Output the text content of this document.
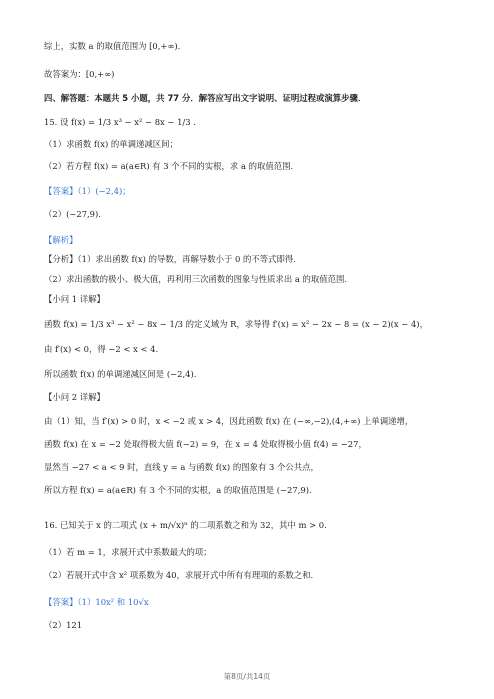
综上，实数 a 的取值范围为 [0,+∞).
故答案为：[0,+∞)
四、解答题：本题共 5 小题，共 77 分．解答应写出文字说明、证明过程或演算步骤．
15. 设 f(x) = 1/3 x³ − x² − 8x − 1/3 .
（1）求函数 f(x) 的单调递减区间；
（2）若方程 f(x) = a(a∈R) 有 3 个不同的实根，求 a 的取值范围.
【答案】（1）(−2,4)；
（2）(−27,9).
【解析】
【分析】（1）求出函数 f(x) 的导数，再解导数小于 0 的不等式即得.
（2）求出函数的极小、极大值，再利用三次函数的图象与性质求出 a 的取值范围.
【小问 1 详解】
函数 f(x) = 1/3 x³ − x² − 8x − 1/3 的定义域为 R，求导得 f′(x) = x² − 2x − 8 = (x − 2)(x − 4)，
由 f′(x) < 0，得 −2 < x < 4.
所以函数 f(x) 的单调递减区间是 (−2,4).
【小问 2 详解】
由（1）知，当 f′(x) > 0 时，x < −2 或 x > 4，因此函数 f(x) 在 (−∞,−2),(4,+∞) 上单调递增，
函数 f(x) 在 x = −2 处取得极大值 f(−2) = 9，在 x = 4 处取得极小值 f(4) = −27，
显然当 −27 < a < 9 时，直线 y = a 与函数 f(x) 的图象有 3 个公共点，
所以方程 f(x) = a(a∈R) 有 3 个不同的实根，a 的取值范围是 (−27,9).
16. 已知关于 x 的二项式 (x + m/√x)ⁿ 的二项系数之和为 32，其中 m > 0.
（1）若 m = 1，求展开式中系数最大的项；
（2）若展开式中含 x² 项系数为 40，求展开式中所有有理项的系数之和.
【答案】（1）10x² 和 10√x
（2）121
第8页/共14页
